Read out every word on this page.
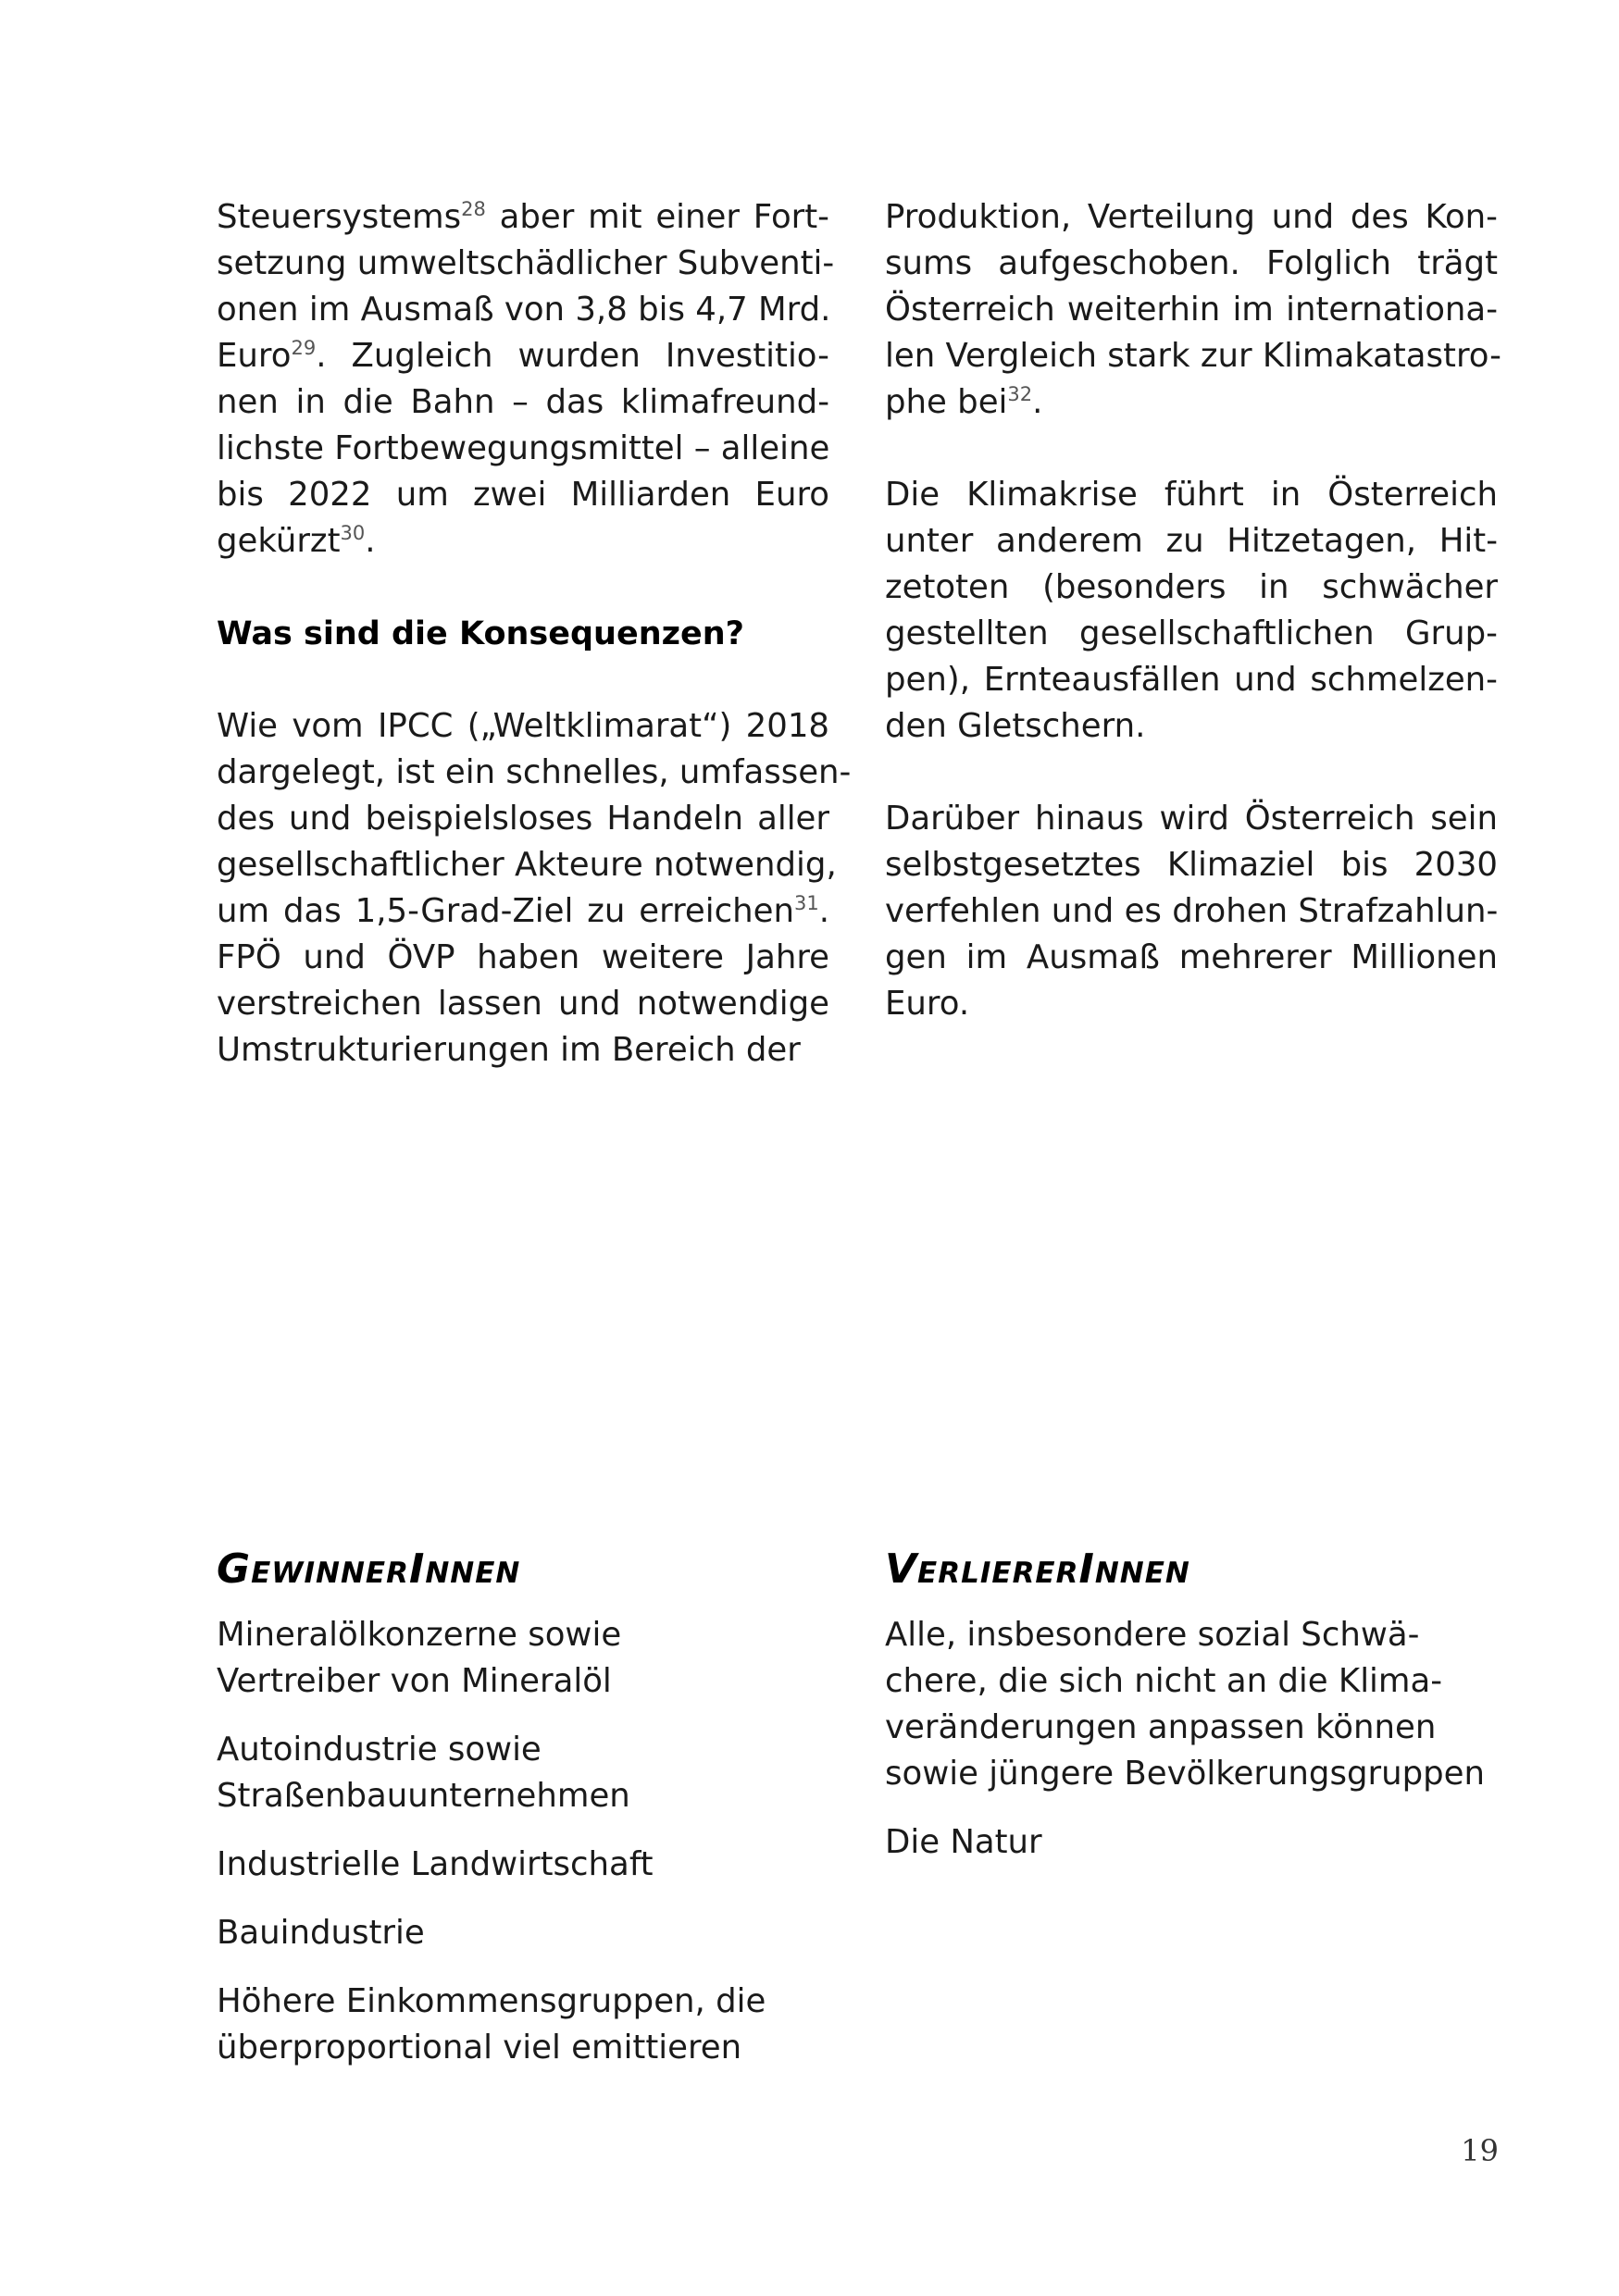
Steuersystems$^{28}$ aber mit einer Fort-
setzung umweltschädlicher Subventi-
onen im Ausmaß von 3,8 bis 4,7 Mrd.
Euro$^{29}$. Zugleich wurden Investitio-
nen in die Bahn – das klimafreund-
lichste Fortbewegungsmittel – alleine
bis 2022 um zwei Milliarden Euro
gekürzt$^{30}$.

Was sind die Konsequenzen?

Wie vom IPCC („Weltklimarat“) 2018
dargelegt, ist ein schnelles, umfassen-
des und beispielsloses Handeln aller
gesellschaftlicher Akteure notwendig,
um das 1,5-Grad-Ziel zu erreichen$^{31}$.
FPÖ und ÖVP haben weitere Jahre
verstreichen lassen und notwendige
Umstrukturierungen im Bereich der

Produktion, Verteilung und des Kon-
sums aufgeschoben. Folglich trägt
Österreich weiterhin im internationa-
len Vergleich stark zur Klimakatastro-
phe bei$^{32}$.

Die Klimakrise führt in Österreich
unter anderem zu Hitzetagen, Hit-
zetoten (besonders in schwächer
gestellten gesellschaftlichen Grup-
pen), Ernteausfällen und schmelzen-
den Gletschern.

Darüber hinaus wird Österreich sein
selbstgesetztes Klimaziel bis 2030
verfehlen und es drohen Strafzahlun-
gen im Ausmaß mehrerer Millionen
Euro.

GewinnerInnen
Mineralölkonzerne sowie
Vertreiber von Mineralöl
Autoindustrie sowie
Straßenbauunternehmen
Industrielle Landwirtschaft
Bauindustrie
Höhere Einkommensgruppen, die
überproportional viel emittieren
VerliererInnen
Alle, insbesondere sozial Schwä-
chere, die sich nicht an die Klima-
veränderungen anpassen können
sowie jüngere Bevölkerungsgruppen
Die Natur
19
